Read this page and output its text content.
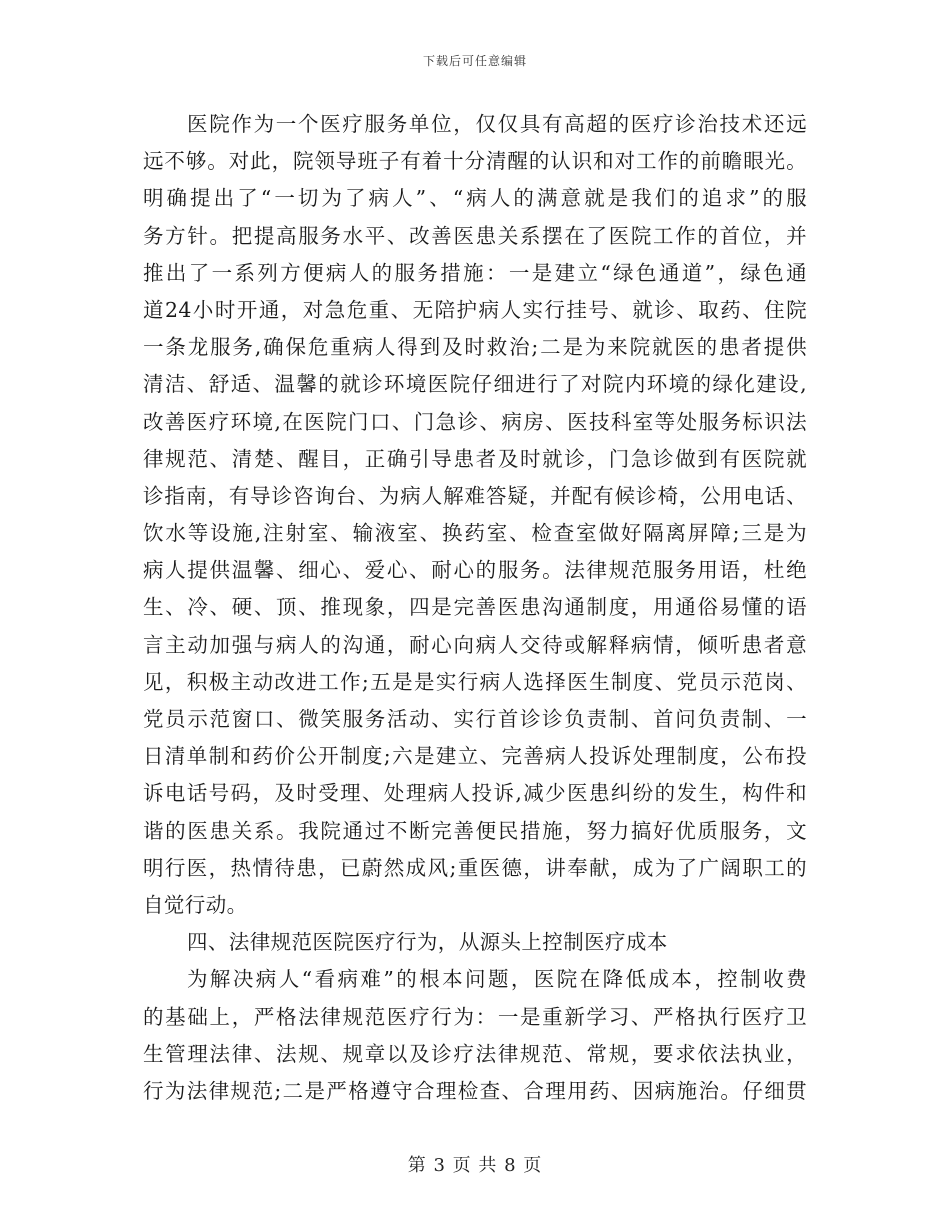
下载后可任意编辑
医院作为一个医疗服务单位，仅仅具有高超的医疗诊治技术还远
远不够。对此，院领导班子有着十分清醒的认识和对工作的前瞻眼光。
明确提出了“一切为了病人”、“病人的满意就是我们的追求”的服
务方针。把提高服务水平、改善医患关系摆在了医院工作的首位，并
推出了一系列方便病人的服务措施：一是建立“绿色通道”，绿色通
道24小时开通，对急危重、无陪护病人实行挂号、就诊、取药、住院
一条龙服务,确保危重病人得到及时救治;二是为来院就医的患者提供
清洁、舒适、温馨的就诊环境医院仔细进行了对院内环境的绿化建设,
改善医疗环境,在医院门口、门急诊、病房、医技科室等处服务标识法
律规范、清楚、醒目，正确引导患者及时就诊，门急诊做到有医院就
诊指南，有导诊咨询台、为病人解难答疑，并配有候诊椅，公用电话、
饮水等设施,注射室、输液室、换药室、检查室做好隔离屏障;三是为
病人提供温馨、细心、爱心、耐心的服务。法律规范服务用语，杜绝
生、冷、硬、顶、推现象，四是完善医患沟通制度，用通俗易懂的语
言主动加强与病人的沟通，耐心向病人交待或解释病情，倾听患者意
见，积极主动改进工作;五是是实行病人选择医生制度、党员示范岗、
党员示范窗口、微笑服务活动、实行首诊诊负责制、首问负责制、一
日清单制和药价公开制度;六是建立、完善病人投诉处理制度，公布投
诉电话号码，及时受理、处理病人投诉,减少医患纠纷的发生，构件和
谐的医患关系。我院通过不断完善便民措施，努力搞好优质服务，文
明行医，热情待患，已蔚然成风;重医德，讲奉献，成为了广阔职工的
自觉行动。
四、法律规范医院医疗行为，从源头上控制医疗成本
为解决病人“看病难”的根本问题，医院在降低成本，控制收费
的基础上，严格法律规范医疗行为：一是重新学习、严格执行医疗卫
生管理法律、法规、规章以及诊疗法律规范、常规，要求依法执业，
行为法律规范;二是严格遵守合理检查、合理用药、因病施治。仔细贯
第 3 页 共 8 页
